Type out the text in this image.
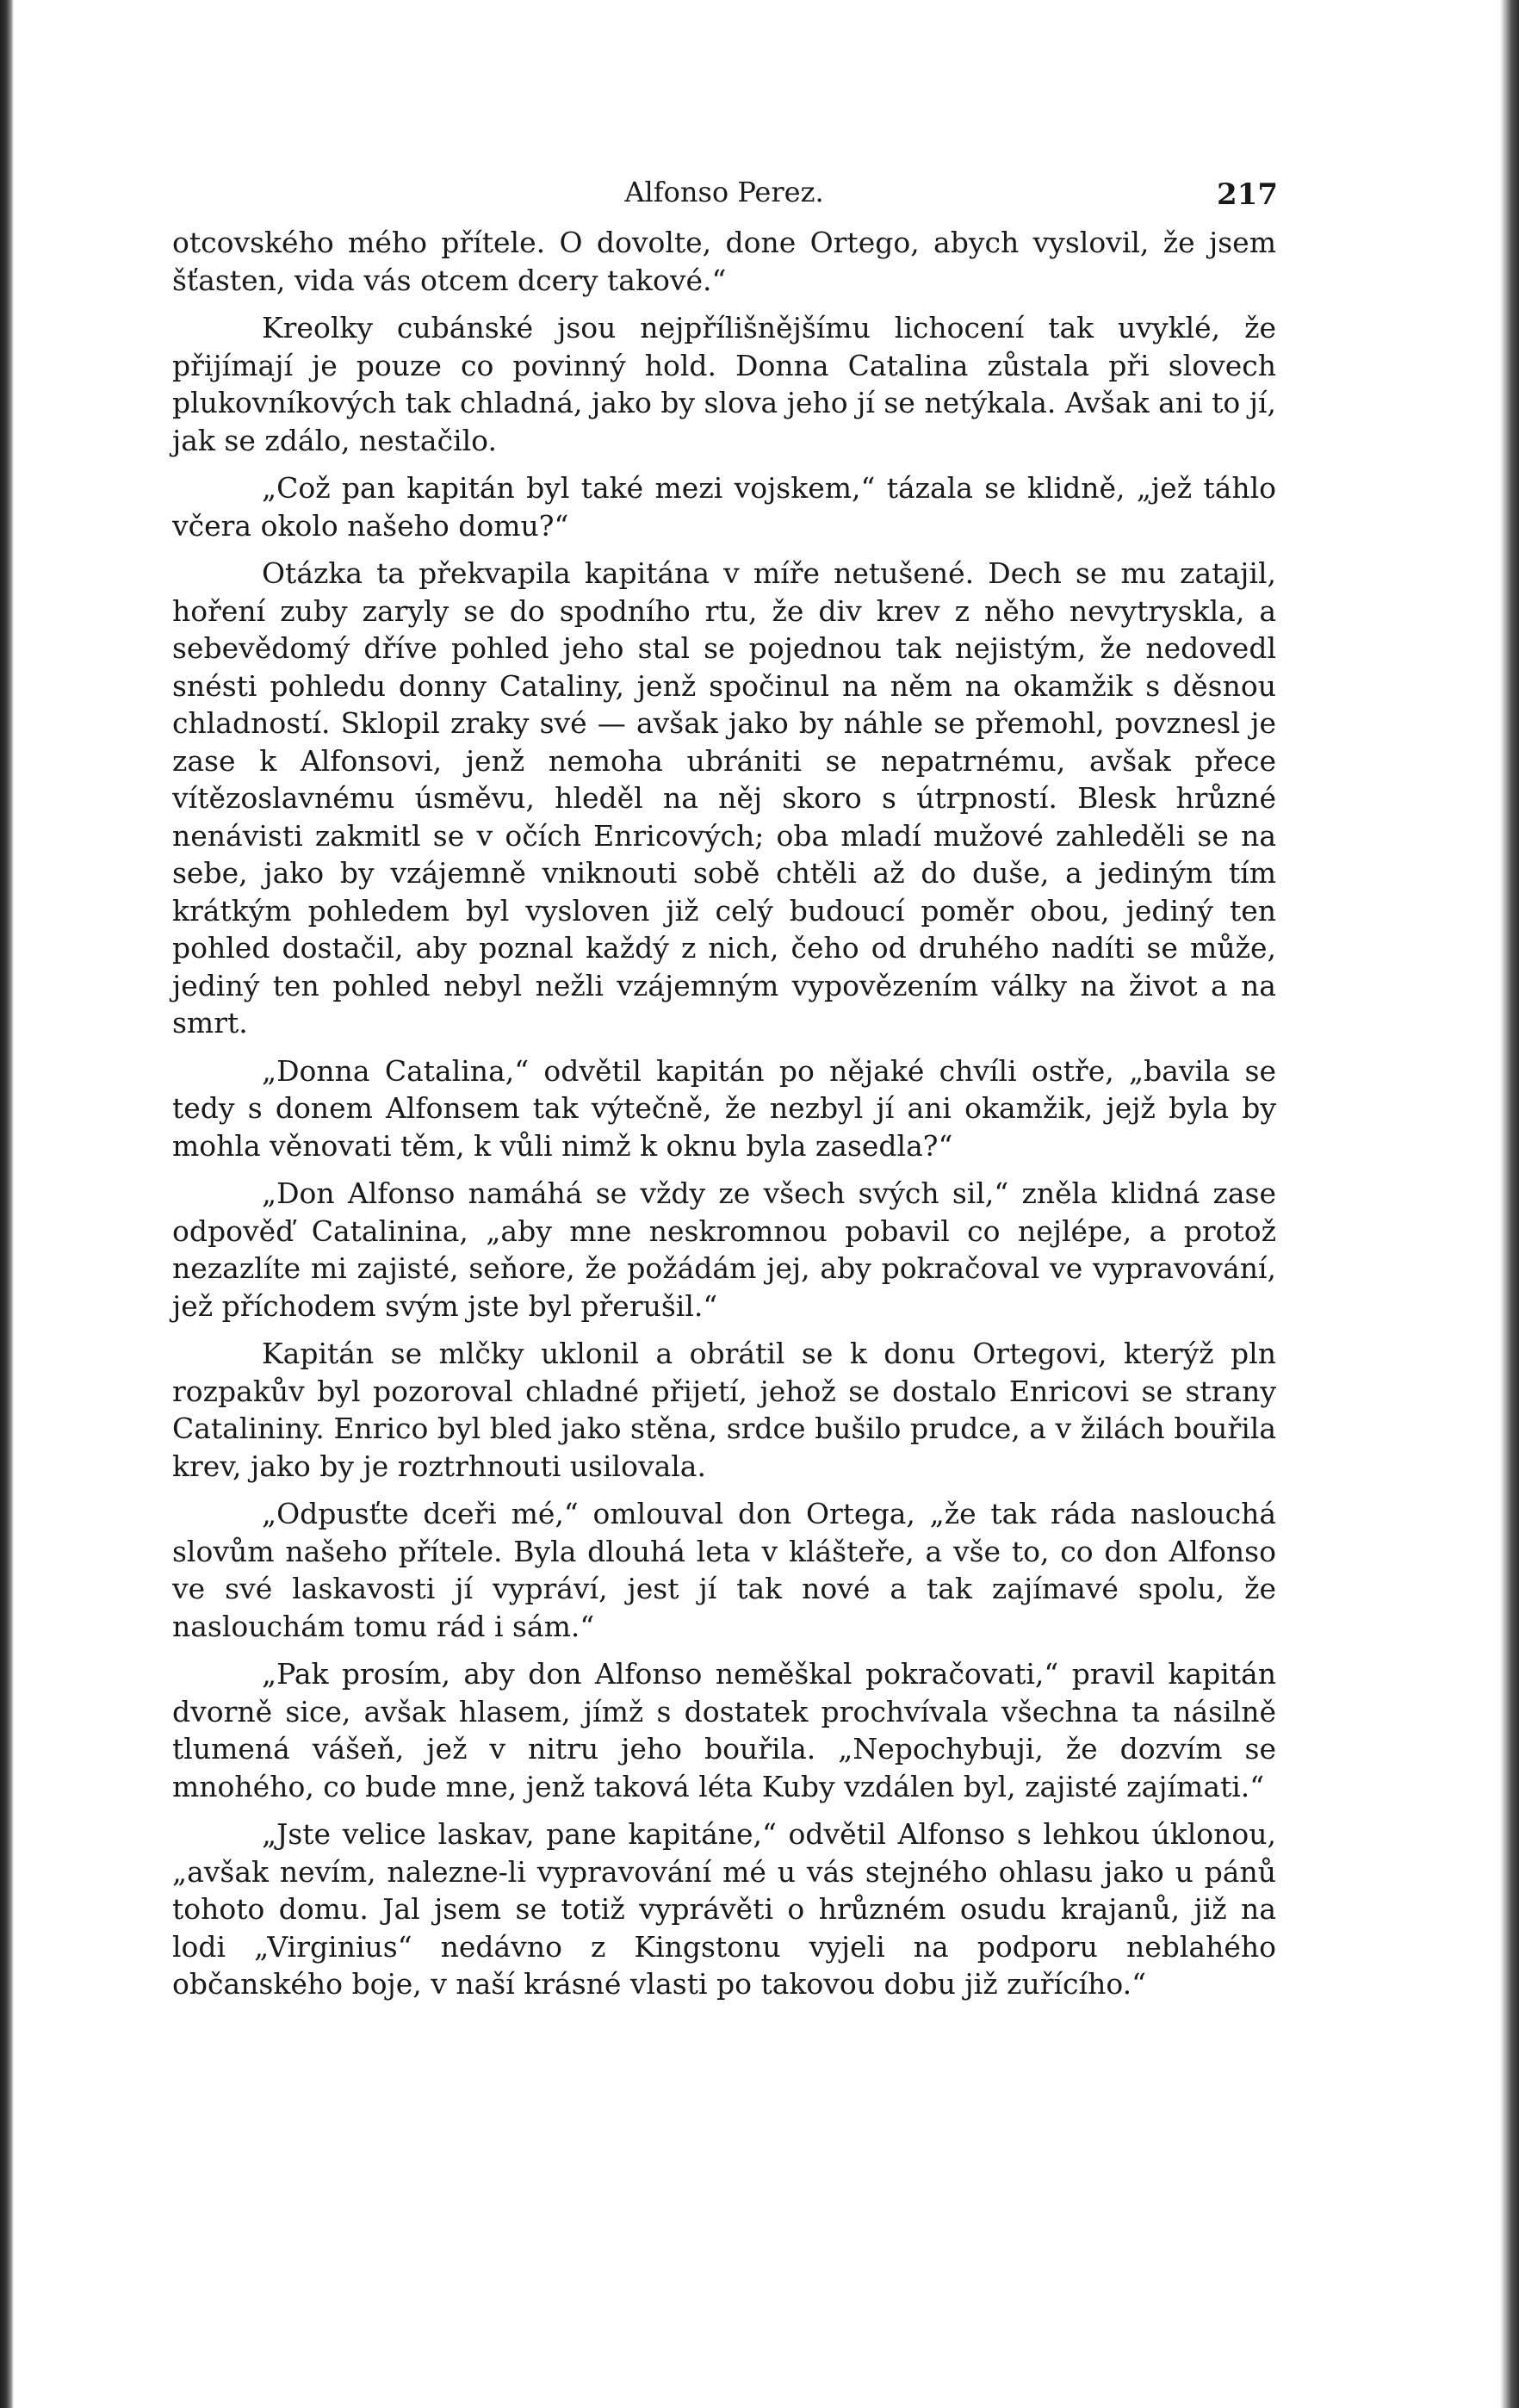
Alfonso Perez.	217

otcovského mého přítele. O dovolte, done Ortego, abych vyslovil, že jsem šťasten, vida vás otcem dcery takové.“

Kreolky cubánské jsou nejpřílišnějšímu lichocení tak uvyklé, že přijímají je pouze co povinný hold. Donna Catalina zůstala při slovech plukovníkových tak chladná, jako by slova jeho jí se netýkala. Avšak ani to jí, jak se zdálo, nestačilo.

„Což pan kapitán byl také mezi vojskem,“ tázala se klidně, „jež táhlo včera okolo našeho domu?“

Otázka ta překvapila kapitána v míře netušené. Dech se mu zatajil, hoření zuby zaryly se do spodního rtu, že div krev z něho nevytryskla, a sebevědomý dříve pohled jeho stal se pojednou tak nejistým, že nedovedl snésti pohledu donny Cataliny, jenž spočinul na něm na okamžik s děsnou chladností. Sklopil zraky své — avšak jako by náhle se přemohl, povznesl je zase k Alfonsovi, jenž nemoha ubrániti se nepatrnému, avšak přece vítězoslavnému úsměvu, hleděl na něj skoro s útrpností. Blesk hrůzné nenávisti zakmitl se v očích Enricových; oba mladí mužové zahleděli se na sebe, jako by vzájemně vniknouti sobě chtěli až do duše, a jediným tím krátkým pohledem byl vysloven již celý budoucí poměr obou, jediný ten pohled dostačil, aby poznal každý z nich, čeho od druhého nadíti se může, jediný ten pohled nebyl nežli vzájemným vypovězením války na život a na smrt.

„Donna Catalina,“ odvětil kapitán po nějaké chvíli ostře, „bavila se tedy s donem Alfonsem tak výtečně, že nezbyl jí ani okamžik, jejž byla by mohla věnovati těm, k vůli nimž k oknu byla zasedla?“

„Don Alfonso namáhá se vždy ze všech svých sil,“ zněla klidná zase odpověď Catalinina, „aby mne neskromnou pobavil co nejlépe, a protož nezazlíte mi zajisté, seňore, že požádám jej, aby pokračoval ve vypravování, jež příchodem svým jste byl přerušil.“

Kapitán se mlčky uklonil a obrátil se k donu Ortegovi, kterýž pln rozpakův byl pozoroval chladné přijetí, jehož se dostalo Enricovi se strany Catalininy. Enrico byl bled jako stěna, srdce bušilo prudce, a v žilách bouřila krev, jako by je roztrhnouti usilovala.

„Odpusťte dceři mé,“ omlouval don Ortega, „že tak ráda naslouchá slovům našeho přítele. Byla dlouhá leta v klášteře, a vše to, co don Alfonso ve své laskavosti jí vypráví, jest jí tak nové a tak zajímavé spolu, že naslouchám tomu rád i sám.“

„Pak prosím, aby don Alfonso neměškal pokračovati,“ pravil kapitán dvorně sice, avšak hlasem, jímž s dostatek prochvívala všechna ta násilně tlumená vášeň, jež v nitru jeho bouřila. „Nepochybuji, že dozvím se mnohého, co bude mne, jenž taková léta Kuby vzdálen byl, zajisté zajímati.“

„Jste velice laskav, pane kapitáne,“ odvětil Alfonso s lehkou úklonou, „avšak nevím, nalezne-li vypravování mé u vás stejného ohlasu jako u pánů tohoto domu. Jal jsem se totiž vyprávěti o hrůzném osudu krajanů, již na lodi „Virginius“ nedávno z Kingstonu vyjeli na podporu neblahého občanského boje, v naší krásné vlasti po takovou dobu již zuřícího.“
